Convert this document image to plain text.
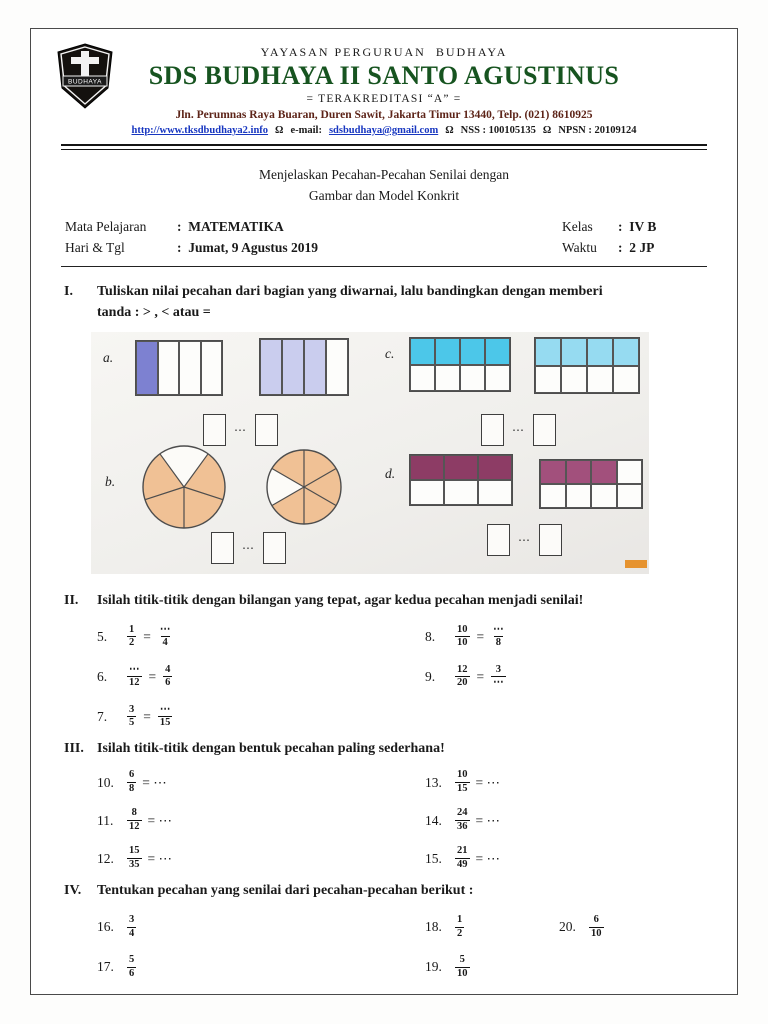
BUDHAYA
YAYASAN PERGURUAN  BUDHAYA
SDS BUDHAYA II SANTO AGUSTINUS
= TERAKREDITASI “A” =
Jln. Perumnas Raya Buaran, Duren Sawit, Jakarta Timur 13440, Telp. (021) 8610925
http://www.tksdbudhaya2.info Ω e-mail: sdsbudhaya@gmail.com Ω NSS : 100105135 Ω NPSN : 20109124
Menjelaskan Pecahan-Pecahan Senilai dengan
Gambar dan Model Konkrit
Mata Pelajaran	:  MATEMATIKA
Hari & Tgl	:  Jumat, 9 Agustus 2019
Kelas	:  IV B
Waktu	:  2 JP
I.	Tuliskan nilai pecahan dari bagian yang diwarnai, lalu bandingkan dengan memberi
tanda : > , < atau =
a.
⋯
c.
⋯
b.
⋯
d.
⋯
II.	Isilah titik-titik dengan bilangan yang tepat, agar kedua pecahan menjadi senilai!
5.	$\frac{1}{2} = \frac{\cdots}{4}$
6.	$\frac{\cdots}{12} = \frac{4}{6}$
7.	$\frac{3}{5} = \frac{\cdots}{15}$
8.	$\frac{10}{10} = \frac{\cdots}{8}$
9.	$\frac{12}{20} = \frac{3}{\cdots}$
III. Isilah titik-titik dengan bentuk pecahan paling sederhana!
10.	$\frac{6}{8}$ = ⋯
11.	$\frac{8}{12}$ = ⋯
12.	$\frac{15}{35}$ = ⋯
13.	$\frac{10}{15}$ = ⋯
14.	$\frac{24}{36}$ = ⋯
15.	$\frac{21}{49}$ = ⋯
IV.	Tentukan pecahan yang senilai dari pecahan-pecahan berikut :
16.	$\frac{3}{4}$
17.	$\frac{5}{6}$
18.	$\frac{1}{2}$
19.	$\frac{5}{10}$
20.	$\frac{6}{10}$
